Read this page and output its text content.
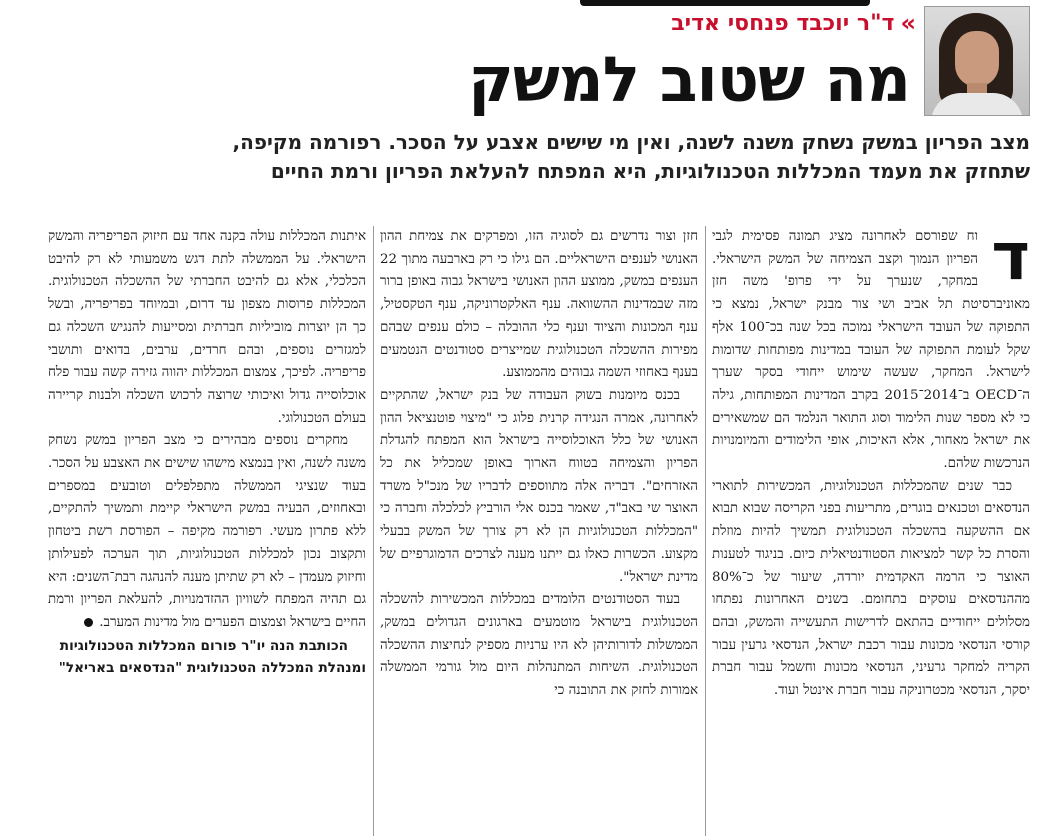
»
ד"ר יוכבד פנחסי אדיב
מה שטוב למשק
מצב הפריון במשק נשחק משנה לשנה, ואין מי שישים אצבע על הסכר. רפורמה מקיפה,
שתחזק את מעמד המכללות הטכנולוגיות, היא המפתח להעלאת הפריון ורמת החיים

ד
וח שפורסם לאחרונה מציג תמונה פסימית לגבי הפריון הנמוך וקצב הצמיחה של המשק הישראלי. במחקר, שנערך על ידי פרופ' משה חזן מאוניברסיטת תל אביב ושי צור מבנק ישראל, נמצא כי התפוקה של העובד הישראלי נמוכה בכל שנה בכ־100 אלף שקל לעומת התפוקה של העובד במדינות מפותחות שדומות לישראל. המחקר, שעשה שימוש ייחודי בסקר שערך ה־OECD ב־2014־2015 בקרב המדינות המפותחות, גילה כי לא מספר שנות הלימוד וסוג התואר הנלמד הם שמשאירים את ישראל מאחור, אלא האיכות, אופי הלימודים והמיומנויות הנרכשות שלהם.

כבר שנים שהמכללות הטכנולוגיות, המכשירות לתוארי הנדסאים וטכנאים בוגרים, מתריעות בפני הקריסה שבוא תבוא אם ההשקעה בהשכלה הטכנולוגית תמשיך להיות מוזלת והסרת כל קשר למציאות הסטודנטיאלית כיום. בניגוד לטענות האוצר כי הרמה האקדמית יורדה, שיעור של כ־80% מההנדסאים עוסקים בתחומם. בשנים האחרונות נפתחו מסלולים ייחודיים בהתאם לדרישות התעשייה והמשק, ובהם קורסי הנדסאי מכונות עבור רכבת ישראל, הנדסאי גרעין עבור הקריה למחקר גרעיני, הנדסאי מכונות וחשמל עבור חברת יסקר, הנדסאי מכטרוניקה עבור חברת אינטל ועוד.

חזן וצור נדרשים גם לסוגיה הזו, ומפרקים את צמיחת ההון האנושי לענפים הישראליים. הם גילו כי רק בארבעה מתוך 22 הענפים במשק, ממוצע ההון האנושי בישראל גבוה באופן ברור מזה שבמדינות ההשוואה. ענף האלקטרוניקה, ענף הטקסטיל, ענף המכונות והציוד וענף כלי ההובלה – כולם ענפים שבהם מפירות ההשכלה הטכנולוגית שמייצרים סטודנטים הנטמעים בענף באחוזי השמה גבוהים מהממוצע.

בכנס מיומנות בשוק העבודה של בנק ישראל, שהתקיים לאחרונה, אמרה הנגידה קרנית פלוג כי "מיצוי פוטנציאל ההון האנושי של כלל האוכלוסייה בישראל הוא המפתח להגדלת הפריון והצמיחה בטווח הארוך באופן שמכליל את כל האזרחים". דבריה אלה מתווספים לדבריו של מנכ"ל משרד האוצר שי באב"ד, שאמר בכנס אלי הורביץ לכלכלה וחברה כי "המכללות הטכנולוגיות הן לא רק צורך של המשק בבעלי מקצוע. הכשרות כאלו גם ייתנו מענה לצרכים הדמוגרפיים של מדינת ישראל".

בעוד הסטודנטים הלומדים במכללות המכשירות להשכלה הטכנולוגית בישראל מוטמעים בארגונים הגדולים במשק, הממשלות לדורותיהן לא היו ערניות מספיק לנחיצות ההשכלה הטכנולוגית. השיחות המתנהלות היום מול גורמי הממשלה אמורות לחזק את התובנה כי

איתנות המכללות עולה בקנה אחד עם חיזוק הפריפריה והמשק הישראלי. על הממשלה לתת דגש משמעותי לא רק להיבט הכלכלי, אלא גם להיבט החברתי של ההשכלה הטכנולוגית. המכללות פרוסות מצפון עד דרום, ובמיוחד בפריפריה, ובשל כך הן יוצרות מוביליות חברתית ומסייעות להנגיש השכלה גם למגזרים נוספים, ובהם חרדים, ערבים, בדואים ותושבי פריפריה. לפיכך, צמצום המכללות יהווה גזירה קשה עבור פלח אוכלוסייה גדול ואיכותי שרוצה לרכוש השכלה ולבנות קריירה בעולם הטכנולוגי.

מחקרים נוספים מבהירים כי מצב הפריון במשק נשחק משנה לשנה, ואין בנמצא מישהו שישים את האצבע על הסכר. בעוד שנציגי הממשלה מתפלפלים וטובעים במספרים ובאחוזים, הבעיה במשק הישראלי קיימת ותמשיך להתקיים, ללא פתרון מעשי. רפורמה מקיפה – הפורסת רשת ביטחון ותקצוב נכון למכללות הטכנולוגיות, תוך הערכה לפעילותן וחיזוק מעמדן – לא רק שתיתן מענה להנהגה רבת־השנים: היא גם תהיה המפתח לשוויון ההזדמנויות, להעלאת הפריון ורמת החיים בישראל וצמצום הפערים מול מדינות המערב.

הכותבת הנה יו"ר פורום המכללות הטכנולוגיות ומנהלת המכללה הטכנולוגית "הנדסאים באריאל"
